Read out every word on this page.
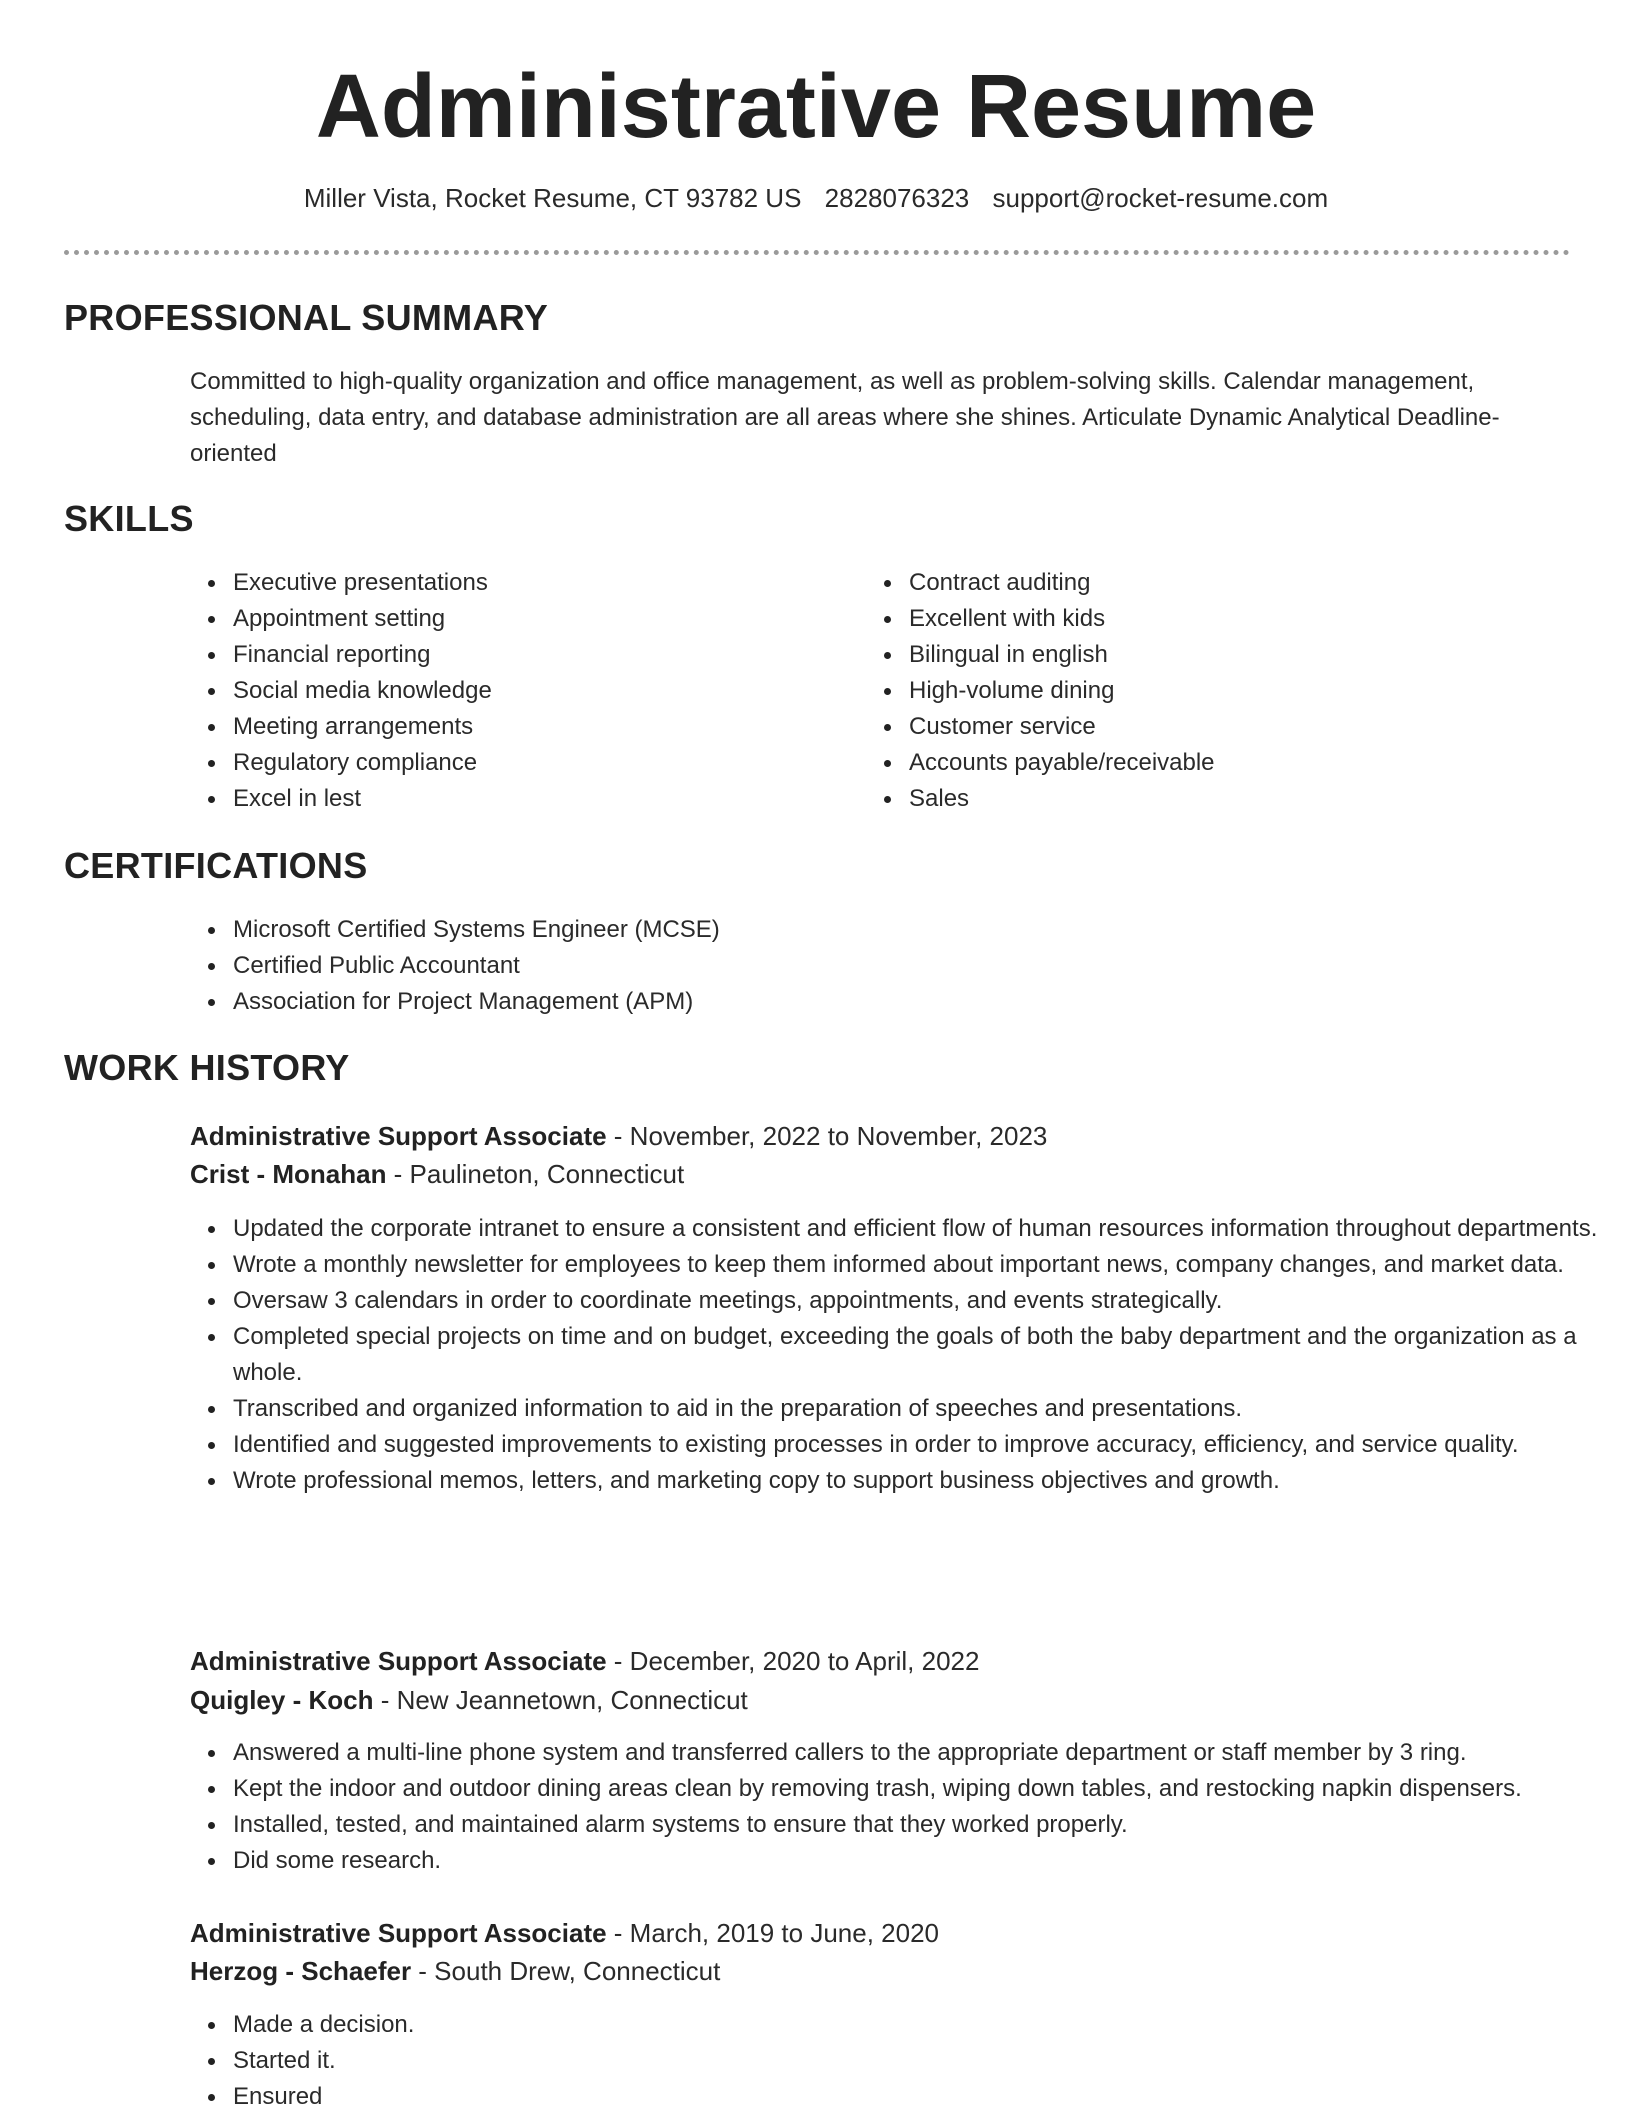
Administrative Resume
Miller Vista, Rocket Resume, CT 93782 US 2828076323 support@rocket-resume.com
PROFESSIONAL SUMMARY

Committed to high-quality organization and office management, as well as problem-solving skills. Calendar management, scheduling, data entry, and database administration are all areas where she shines. Articulate Dynamic Analytical Deadline-oriented

SKILLS
Executive presentations
Appointment setting
Financial reporting
Social media knowledge
Meeting arrangements
Regulatory compliance
Excel in lest
Contract auditing
Excellent with kids
Bilingual in english
High-volume dining
Customer service
Accounts payable/receivable
Sales
CERTIFICATIONS
Microsoft Certified Systems Engineer (MCSE)
Certified Public Accountant
Association for Project Management (APM)
WORK HISTORY
Administrative Support Associate - November, 2022 to November, 2023
Crist - Monahan - Paulineton, Connecticut
Updated the corporate intranet to ensure a consistent and efficient flow of human resources information throughout departments.
Wrote a monthly newsletter for employees to keep them informed about important news, company changes, and market data.
Oversaw 3 calendars in order to coordinate meetings, appointments, and events strategically.
Completed special projects on time and on budget, exceeding the goals of both the baby department and the organization as a whole.
Transcribed and organized information to aid in the preparation of speeches and presentations.
Identified and suggested improvements to existing processes in order to improve accuracy, efficiency, and service quality.
Wrote professional memos, letters, and marketing copy to support business objectives and growth.
Administrative Support Associate - December, 2020 to April, 2022
Quigley - Koch - New Jeannetown, Connecticut
Answered a multi-line phone system and transferred callers to the appropriate department or staff member by 3 ring.
Kept the indoor and outdoor dining areas clean by removing trash, wiping down tables, and restocking napkin dispensers.
Installed, tested, and maintained alarm systems to ensure that they worked properly.
Did some research.
Administrative Support Associate - March, 2019 to June, 2020
Herzog - Schaefer - South Drew, Connecticut
Made a decision.
Started it.
Ensured
